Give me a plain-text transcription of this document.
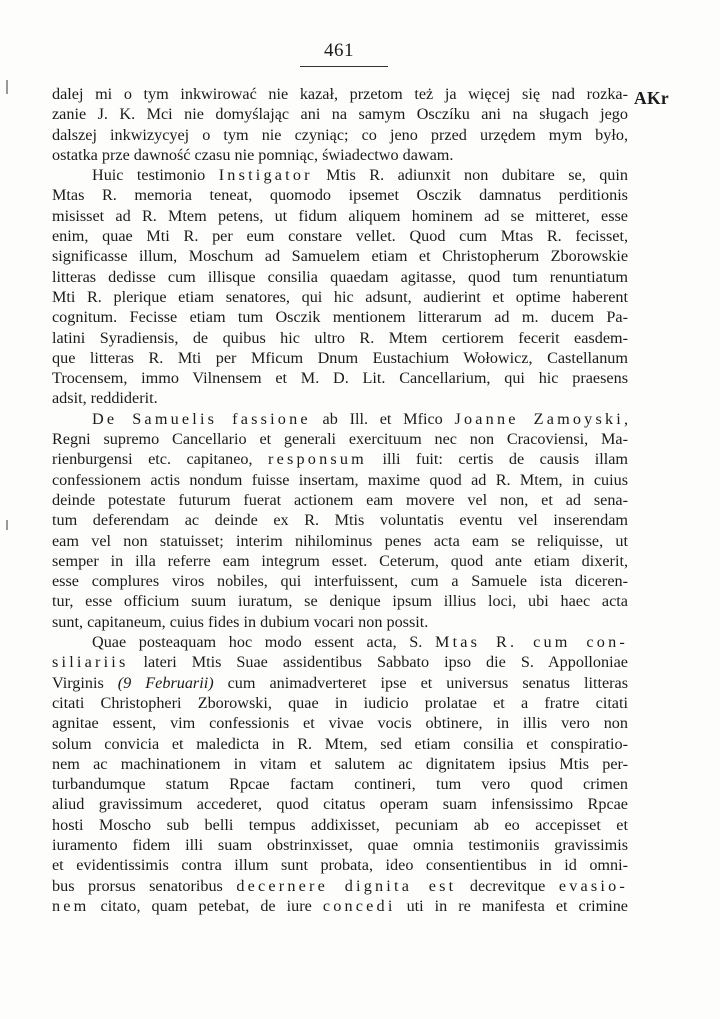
461
AKr
dalej mi o tym inkwirować nie kazał, przetom też ja więcej się nad rozka-
zanie J. K. Mci nie domyślając ani na samym Osczíku ani na sługach jego
dalszej inkwizycyej o tym nie czyniąc; co jeno przed urzędem mym było,
ostatka prze dawność czasu nie pomniąc, świadectwo dawam.
Huic testimonio Instigator Mtis R. adiunxit non dubitare se, quin
Mtas R. memoria teneat, quomodo ipsemet Osczik damnatus perditionis
misisset ad R. Mtem petens, ut fidum aliquem hominem ad se mitteret, esse
enim, quae Mti R. per eum constare vellet. Quod cum Mtas R. fecisset,
significasse illum, Moschum ad Samuelem etiam et Christopherum Zborowskie
litteras dedisse cum illisque consilia quaedam agitasse, quod tum renuntiatum
Mti R. plerique etiam senatores, qui hic adsunt, audierint et optime haberent
cognitum. Fecisse etiam tum Osczik mentionem litterarum ad m. ducem Pa-
latini Syradiensis, de quibus hic ultro R. Mtem certiorem fecerit easdem-
que litteras R. Mti per Mficum Dnum Eustachium Wołowicz, Castellanum
Trocensem, immo Vilnensem et M. D. Lit. Cancellarium, qui hic praesens
adsit, reddiderit.
De Samuelis fassione ab Ill. et Mfico Joanne Zamoyski,
Regni supremo Cancellario et generali exercituum nec non Cracoviensi, Ma-
rienburgensi etc. capitaneo, responsum illi fuit: certis de causis illam
confessionem actis nondum fuisse insertam, maxime quod ad R. Mtem, in cuius
deinde potestate futurum fuerat actionem eam movere vel non, et ad sena-
tum deferendam ac deinde ex R. Mtis voluntatis eventu vel inserendam
eam vel non statuisset; interim nihilominus penes acta eam se reliquisse, ut
semper in illa referre eam integrum esset. Ceterum, quod ante etiam dixerit,
esse complures viros nobiles, qui interfuissent, cum a Samuele ista diceren-
tur, esse officium suum iuratum, se denique ipsum illius loci, ubi haec acta
sunt, capitaneum, cuius fides in dubium vocari non possit.
Quae posteaquam hoc modo essent acta, S. Mtas R. cum con-
siliariis lateri Mtis Suae assidentibus Sabbato ipso die S. Appolloniae
Virginis (9 Februarii) cum animadverteret ipse et universus senatus litteras
citati Christopheri Zborowski, quae in iudicio prolatae et a fratre citati
agnitae essent, vim confessionis et vivae vocis obtinere, in illis vero non
solum convicia et maledicta in R. Mtem, sed etiam consilia et conspiratio-
nem ac machinationem in vitam et salutem ac dignitatem ipsius Mtis per-
turbandumque statum Rpcae factam contineri, tum vero quod crimen
aliud gravissimum accederet, quod citatus operam suam infensissimo Rpcae
hosti Moscho sub belli tempus addixisset, pecuniam ab eo accepisset et
iuramento fidem illi suam obstrinxisset, quae omnia testimoniis gravissimis
et evidentissimis contra illum sunt probata, ideo consentientibus in id omni-
bus prorsus senatoribus decernere dignita est decrevitque evasio-
nem citato, quam petebat, de iure concedi uti in re manifesta et crimine
